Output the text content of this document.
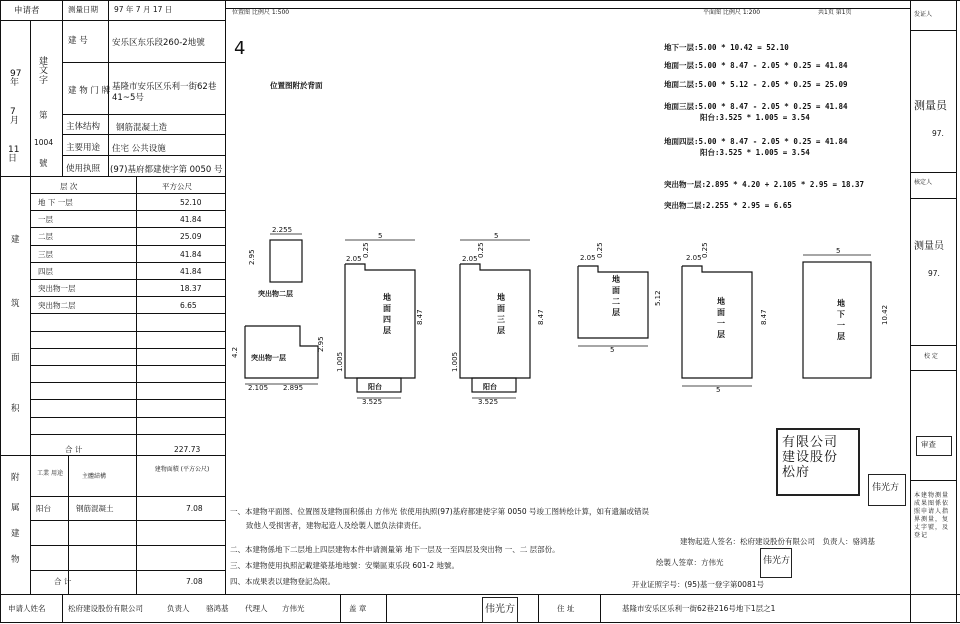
申请者	测量日期 97 年 7 月 17 日
97
年
7
月
11
日
建
文
字
第
1004
號
建 号	安乐区东乐段260-2地號
建 物 门 牌 基隆市安乐区乐利一街62巷 41~5号
主体结构 钢筋混凝土造
主要用途 住宅 公共设施
使用执照 (97)基府都建使字第 0050 号
层 次	平方公尺
建
筑
面
积
地 下 一层	52.10
一层	41.84
二层	25.09
三层	41.84
四层	41.84
突出物一层	18.37
突出物二层	6.65
合 计	227.73
附
属
建
物
工業 用途	主體結構
建物面積 (平方公尺)
阳台	钢筋混凝土	7.08
合 计	7.08
申请人姓名	松府建设股份有限公司	负责人 骆鸿基 代理人 方伟光	盖 章	伟光方	住 址	基隆市安乐区乐利一街62巷216号地下1层之1
位置图 比例尺 1:500	平面图 比例尺 1:200	共1页 第1页
4
位置图附於背面
地下一层:5.00 * 10.42 = 52.10
地面一层:5.00 * 8.47 - 2.05 * 0.25 = 41.84
地面二层:5.00 * 5.12 - 2.05 * 0.25 = 25.09
地面三层:5.00 * 8.47 - 2.05 * 0.25 = 41.84
阳台:3.525 * 1.005 = 3.54
地面四层:5.00 * 8.47 - 2.05 * 0.25 = 41.84
阳台:3.525 * 1.005 = 3.54
突出物一层:2.895 * 4.20 + 2.105 * 2.95 = 18.37
突出物二层:2.255 * 2.95 = 6.65
2.255
2.95
突出物二层
突出物一层
2.105 2.895
4.2
2.95
阳台
5
2.05
0.25
8.47
1.005
3.525
地
面
四
层
阳台
5
2.05
0.25
8.47
1.005
3.525
地
面
三
层
2.05 0.25
5.12
5
地
面
二
层
2.05 0.25
8.47
5
地
面
一
层
5
10.42
地
下
一
层
一、本建物平面图、位置图及建物面积係由 方伟光 依使用执照(97)基府都建使字第 0050 号竣工图转绘计算，如有遗漏或错误
致他人受损害者，建物起造人及绘製人愿负法律责任。
二、本建物係地下二层地上四层建物本件申请测量第 地下一层及一至四层及突出物 一、二 层部份。
三、本建物使用执照記載建築基地地號：安樂區東乐段 601-2 地號。
四、本成果表以建物登記為限。
建物起造人签名：松府建设股份有限公司　负责人：骆鸿基
绘製人签章：方伟光
开业证照字号：(95)基一登字第0081号
有限公司 建设股份 松府
伟光方
伟光方
发证人
测量员
97.
核定人
测量员
97.
校 定
审查
本建物测量成果图係依照申请人指界测量，复丈字號，及登记
